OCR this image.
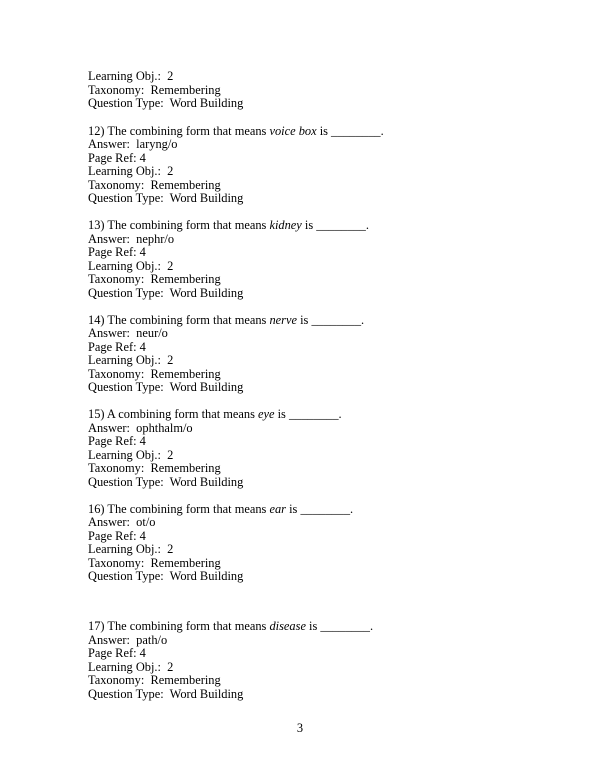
Learning Obj.:  2
Taxonomy:  Remembering
Question Type:  Word Building
12) The combining form that means voice box is ________.
Answer:  laryng/o
Page Ref: 4
Learning Obj.:  2
Taxonomy:  Remembering
Question Type:  Word Building
13) The combining form that means kidney is ________.
Answer:  nephr/o
Page Ref: 4
Learning Obj.:  2
Taxonomy:  Remembering
Question Type:  Word Building
14) The combining form that means nerve is ________.
Answer:  neur/o
Page Ref: 4
Learning Obj.:  2
Taxonomy:  Remembering
Question Type:  Word Building
15) A combining form that means eye is ________.
Answer:  ophthalm/o
Page Ref: 4
Learning Obj.:  2
Taxonomy:  Remembering
Question Type:  Word Building
16) The combining form that means ear is ________.
Answer:  ot/o
Page Ref: 4
Learning Obj.:  2
Taxonomy:  Remembering
Question Type:  Word Building
17) The combining form that means disease is ________.
Answer:  path/o
Page Ref: 4
Learning Obj.:  2
Taxonomy:  Remembering
Question Type:  Word Building
3
